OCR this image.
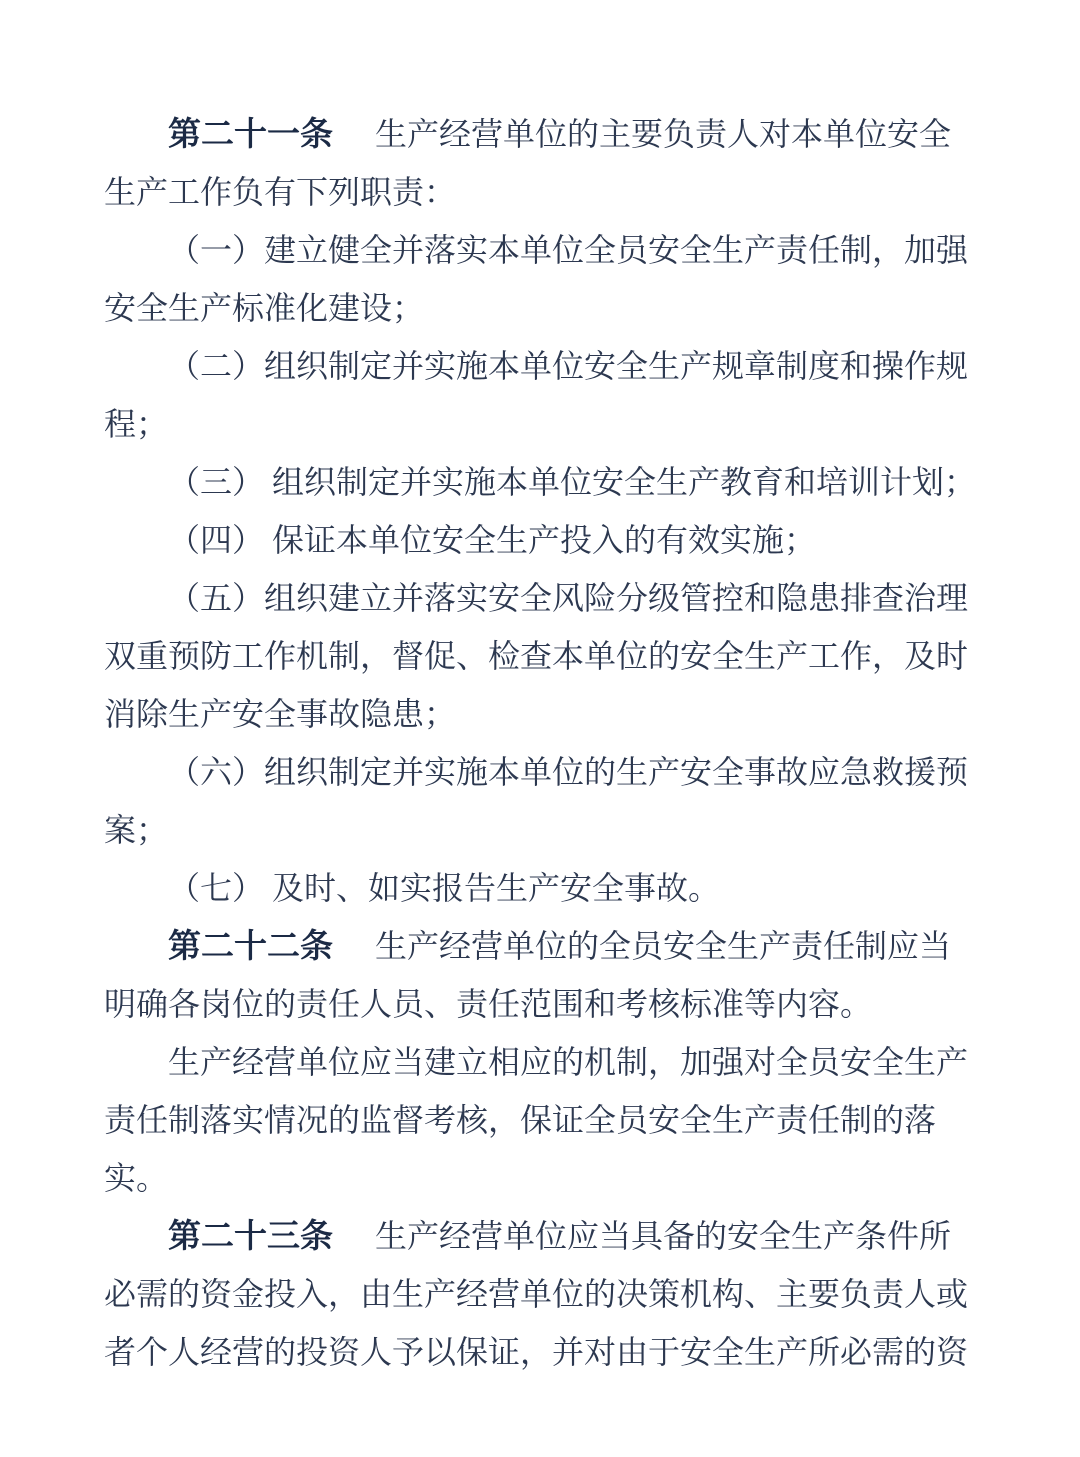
第二十一条 生产经营单位的主要负责人对本单位安全
生产工作负有下列职责：
（一）建立健全并落实本单位全员安全生产责任制，加强
安全生产标准化建设；
（二）组织制定并实施本单位安全生产规章制度和操作规
程；
（三） 组织制定并实施本单位安全生产教育和培训计划；
（四） 保证本单位安全生产投入的有效实施；
（五）组织建立并落实安全风险分级管控和隐患排查治理
双重预防工作机制，督促、检查本单位的安全生产工作，及时
消除生产安全事故隐患；
（六）组织制定并实施本单位的生产安全事故应急救援预
案；
（七） 及时、如实报告生产安全事故。
第二十二条 生产经营单位的全员安全生产责任制应当
明确各岗位的责任人员、责任范围和考核标准等内容。
生产经营单位应当建立相应的机制，加强对全员安全生产
责任制落实情况的监督考核，保证全员安全生产责任制的落
实。
第二十三条 生产经营单位应当具备的安全生产条件所
必需的资金投入，由生产经营单位的决策机构、主要负责人或
者个人经营的投资人予以保证，并对由于安全生产所必需的资
